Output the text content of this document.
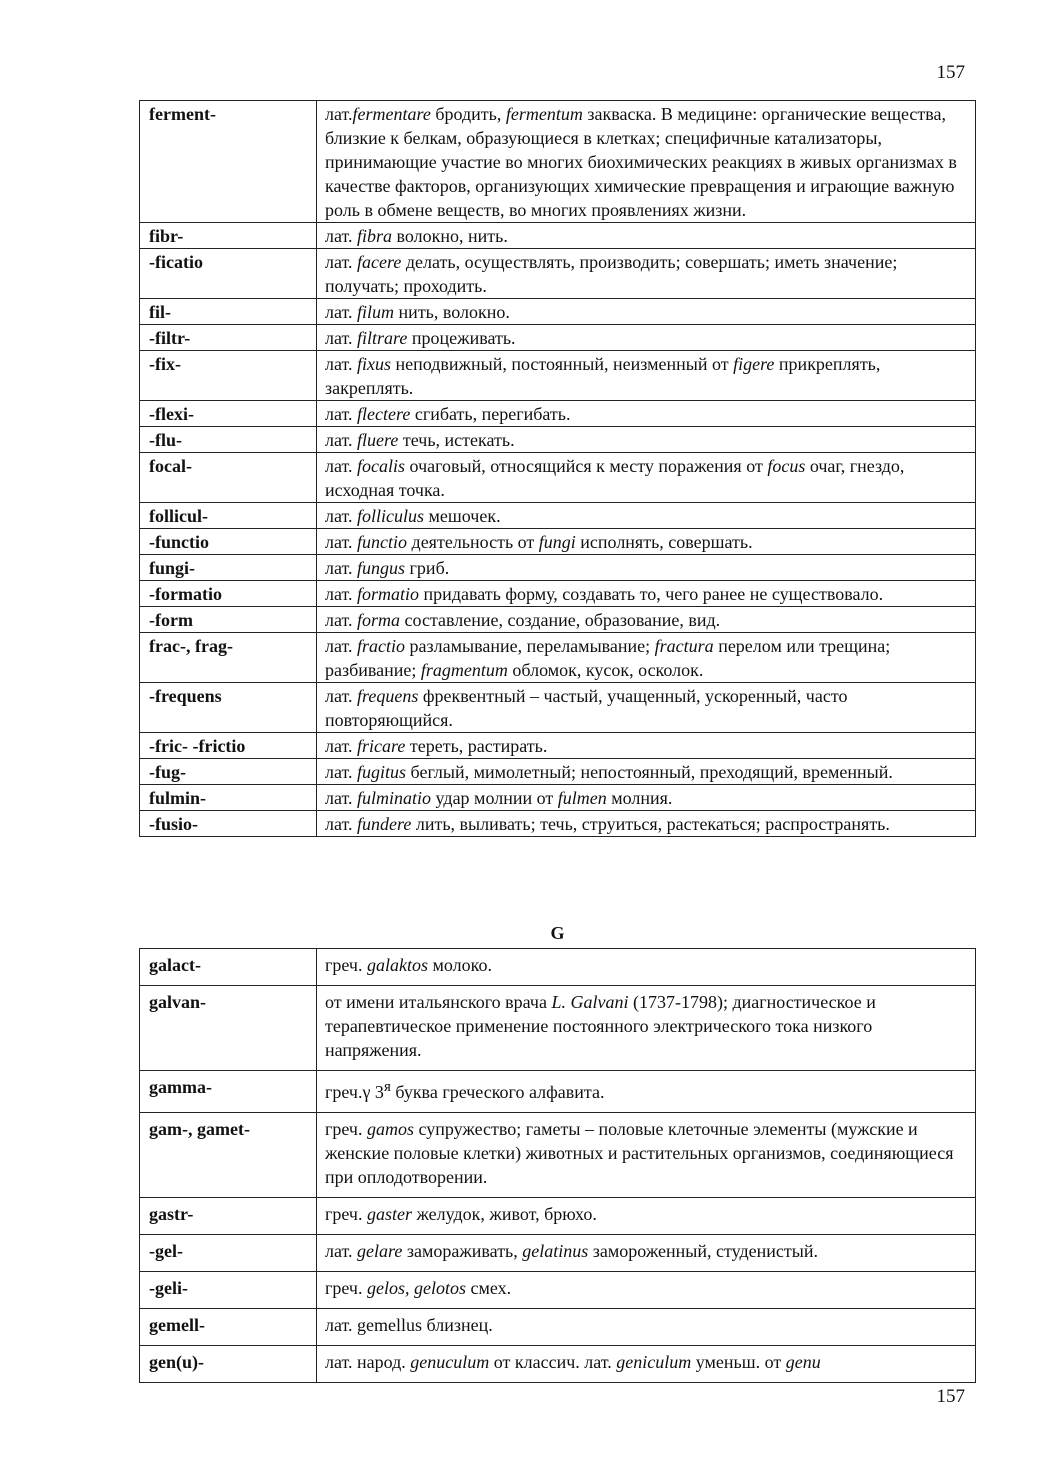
157
ferment-	лат.fermentare бродить, fermentum закваска. В медицине: органические вещества, близкие к белкам, образующиеся в клетках; специфичные катализаторы, принимающие участие во многих биохимических реакциях в живых организмах в качестве факторов, организующих химические превращения и играющие важную роль в обмене веществ, во многих проявлениях жизни.
fibr-	лат. fibra волокно, нить.
-ficatio	лат. facere делать, осуществлять, производить; совершать; иметь значение; получать; проходить.
fil-	лат. filum нить, волокно.
-filtr-	лат. filtrare процеживать.
-fix-	лат. fixus неподвижный, постоянный, неизменный от figere прикреплять, закреплять.
-flexi-	лат. flectere сгибать, перегибать.
-flu-	лат. fluere течь, истекать.
focal-	лат. focalis очаговый, относящийся к месту поражения от focus очаг, гнездо, исходная точка.
follicul-	лат. folliculus мешочек.
-functio	лат. functio деятельность от fungi исполнять, совершать.
fungi-	лат. fungus гриб.
-formatio	лат. formatio придавать форму, создавать то, чего ранее не существовало.
-form	лат. forma составление, создание, образование, вид.
frac-, frag-	лат. fractio разламывание, переламывание; fractura перелом или трещина; разбивание; fragmentum обломок, кусок, осколок.
-frequens	лат. frequens фреквентный – частый, учащенный, ускоренный, часто повторяющийся.
-fric- -frictio	лат. fricare тереть, растирать.
-fug-	лат. fugitus беглый, мимолетный; непостоянный, преходящий, временный.
fulmin-	лат. fulminatio удар молнии от fulmen молния.
-fusio-	лат. fundere лить, выливать; течь, струиться, растекаться; распространять.
G
galact-	греч. galaktos молоко.
galvan-	от имени итальянского врача L. Galvani (1737-1798); диагностическое и терапевтическое применение постоянного электрического тока низкого напряжения.
gamma-	греч.γ $3^я$ буква греческого алфавита.
gam-, gamet-	греч. gamos супружество; гаметы – половые клеточные элементы (мужские и женские половые клетки) животных и растительных организмов, соединяющиеся при оплодотворении.
gastr-	греч. gaster желудок, живот, брюхо.
-gel-	лат. gelare замораживать, gelatinus замороженный, студенистый.
-geli-	греч. gelos, gelotos смех.
gemell-	лат. gemellus близнец.
gen(u)-	лат. народ. genuculum от классич. лат. geniculum уменьш. от genu
157
